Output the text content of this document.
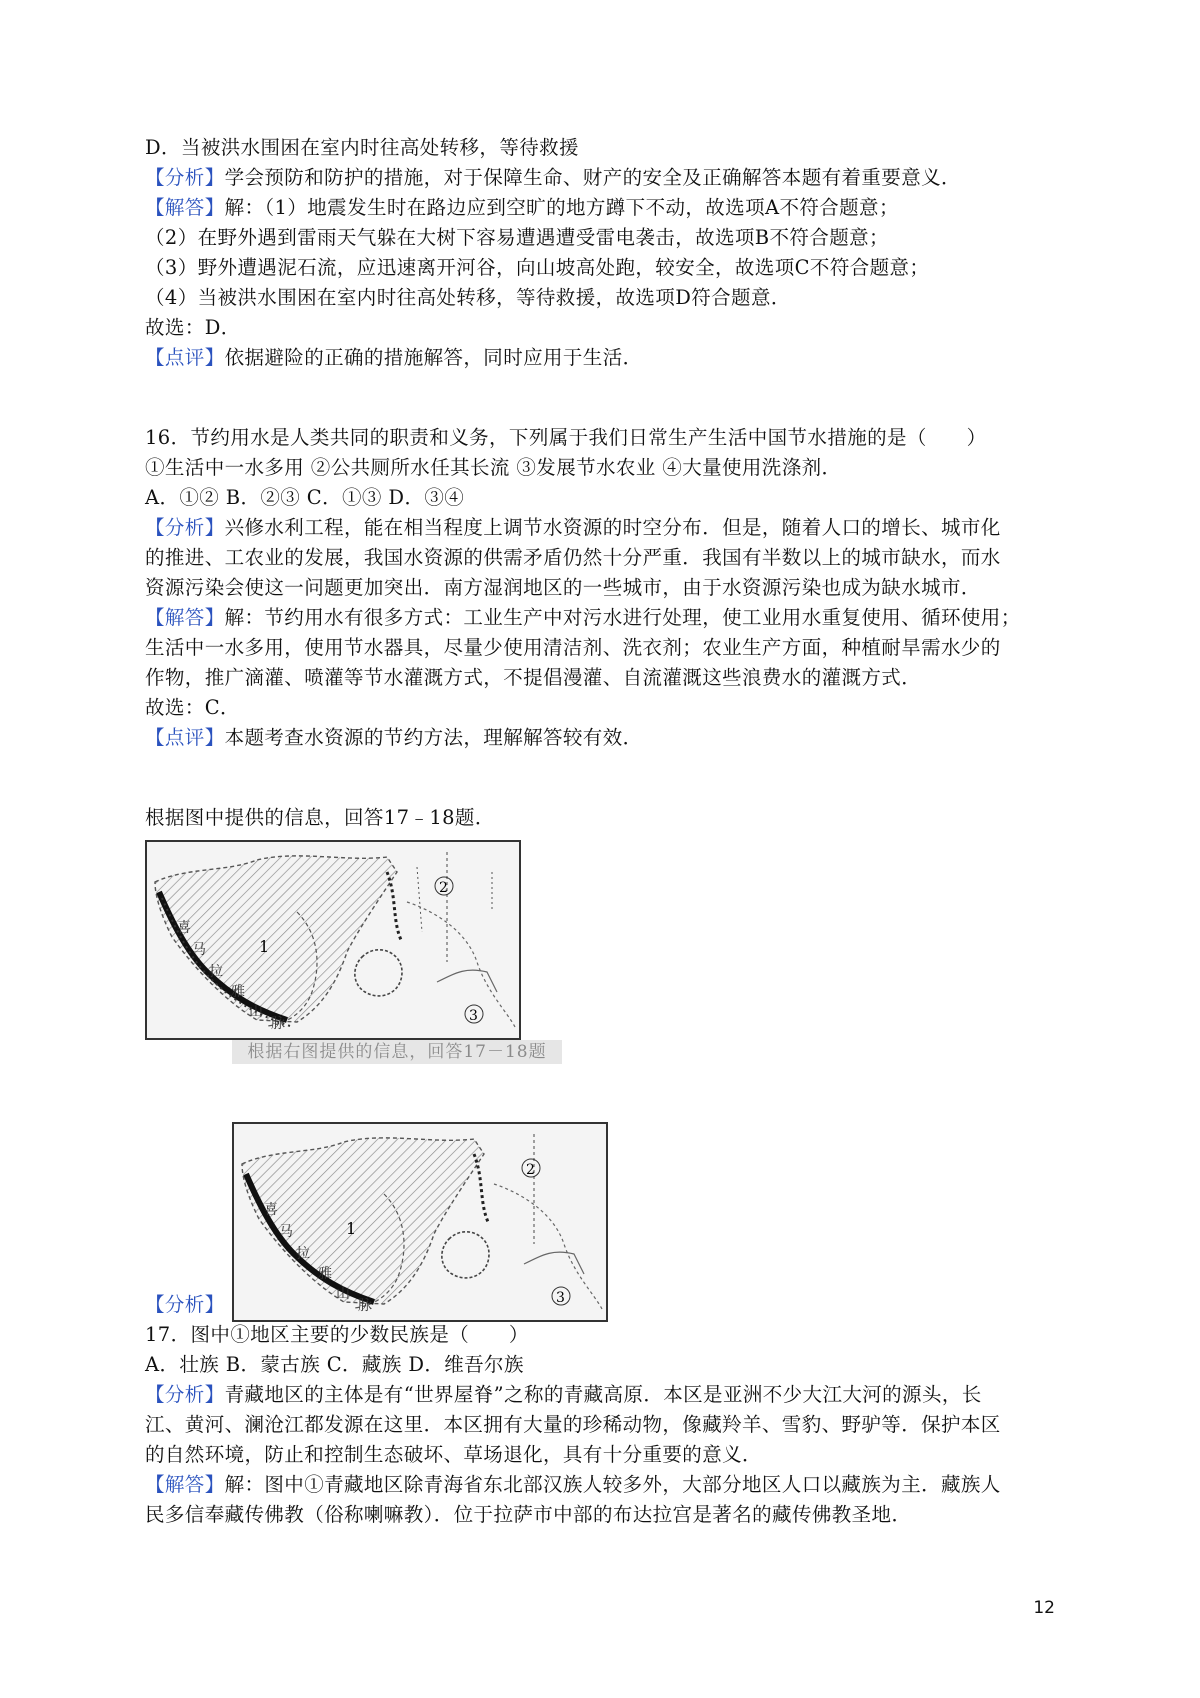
D．当被洪水围困在室内时往高处转移，等待救援
【分析】学会预防和防护的措施，对于保障生命、财产的安全及正确解答本题有着重要意义．
【解答】解：（1）地震发生时在路边应到空旷的地方蹲下不动，故选项A不符合题意；
（2）在野外遇到雷雨天气躲在大树下容易遭遇遭受雷电袭击，故选项B不符合题意；
（3）野外遭遇泥石流，应迅速离开河谷，向山坡高处跑，较安全，故选项C不符合题意；
（4）当被洪水围困在室内时往高处转移，等待救援，故选项D符合题意．
故选：D．
【点评】依据避险的正确的措施解答，同时应用于生活．
16．节约用水是人类共同的职责和义务，下列属于我们日常生产生活中国节水措施的是（　　）
①生活中一水多用 ②公共厕所水任其长流 ③发展节水农业 ④大量使用洗涤剂．
A．①② B．②③ C．①③ D．③④
【分析】兴修水利工程，能在相当程度上调节水资源的时空分布．但是，随着人口的增长、城市化
的推进、工农业的发展，我国水资源的供需矛盾仍然十分严重．我国有半数以上的城市缺水，而水
资源污染会使这一问题更加突出．南方湿润地区的一些城市，由于水资源污染也成为缺水城市．
【解答】解：节约用水有很多方式：工业生产中对污水进行处理，使工业用水重复使用、循环使用；
生活中一水多用，使用节水器具，尽量少使用清洁剂、洗衣剂；农业生产方面，种植耐旱需水少的
作物，推广滴灌、喷灌等节水灌溉方式，不提倡漫灌、自流灌溉这些浪费水的灌溉方式．
故选：C．
【点评】本题考查水资源的节约方法，理解解答较有效．
根据图中提供的信息，回答17﹣18题．
1
2
3
喜
马
拉
雅
山
脉
根据右图提供的信息，回答17－18题
1
2
3
喜
马
拉
雅
山
脉
【分析】
17．图中①地区主要的少数民族是（　　）
A．壮族 B．蒙古族 C．藏族 D．维吾尔族
【分析】青藏地区的主体是有“世界屋脊”之称的青藏高原．本区是亚洲不少大江大河的源头，长
江、黄河、澜沧江都发源在这里．本区拥有大量的珍稀动物，像藏羚羊、雪豹、野驴等．保护本区
的自然环境，防止和控制生态破坏、草场退化，具有十分重要的意义．
【解答】解：图中①青藏地区除青海省东北部汉族人较多外，大部分地区人口以藏族为主．藏族人
民多信奉藏传佛教（俗称喇嘛教）．位于拉萨市中部的布达拉宫是著名的藏传佛教圣地．
12
